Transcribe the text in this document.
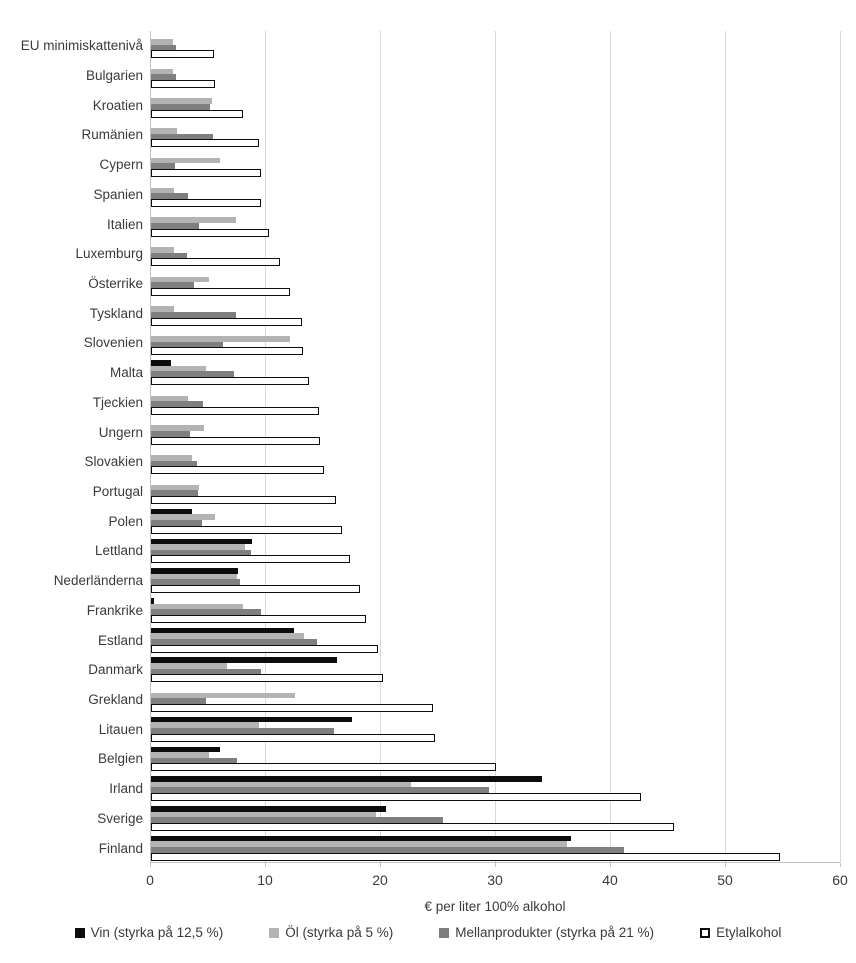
EU minimiskattenivå
Bulgarien
Kroatien
Rumänien
Cypern
Spanien
Italien
Luxemburg
Österrike
Tyskland
Slovenien
Malta
Tjeckien
Ungern
Slovakien
Portugal
Polen
Lettland
Nederländerna
Frankrike
Estland
Danmark
Grekland
Litauen
Belgien
Irland
Sverige
Finland
0	10	20	30	40	50	60
€ per liter 100% alkohol
Vin (styrka på 12,5 %)	Öl (styrka på 5 %)	Mellanprodukter (styrka på 21 %)	Etylalkohol
